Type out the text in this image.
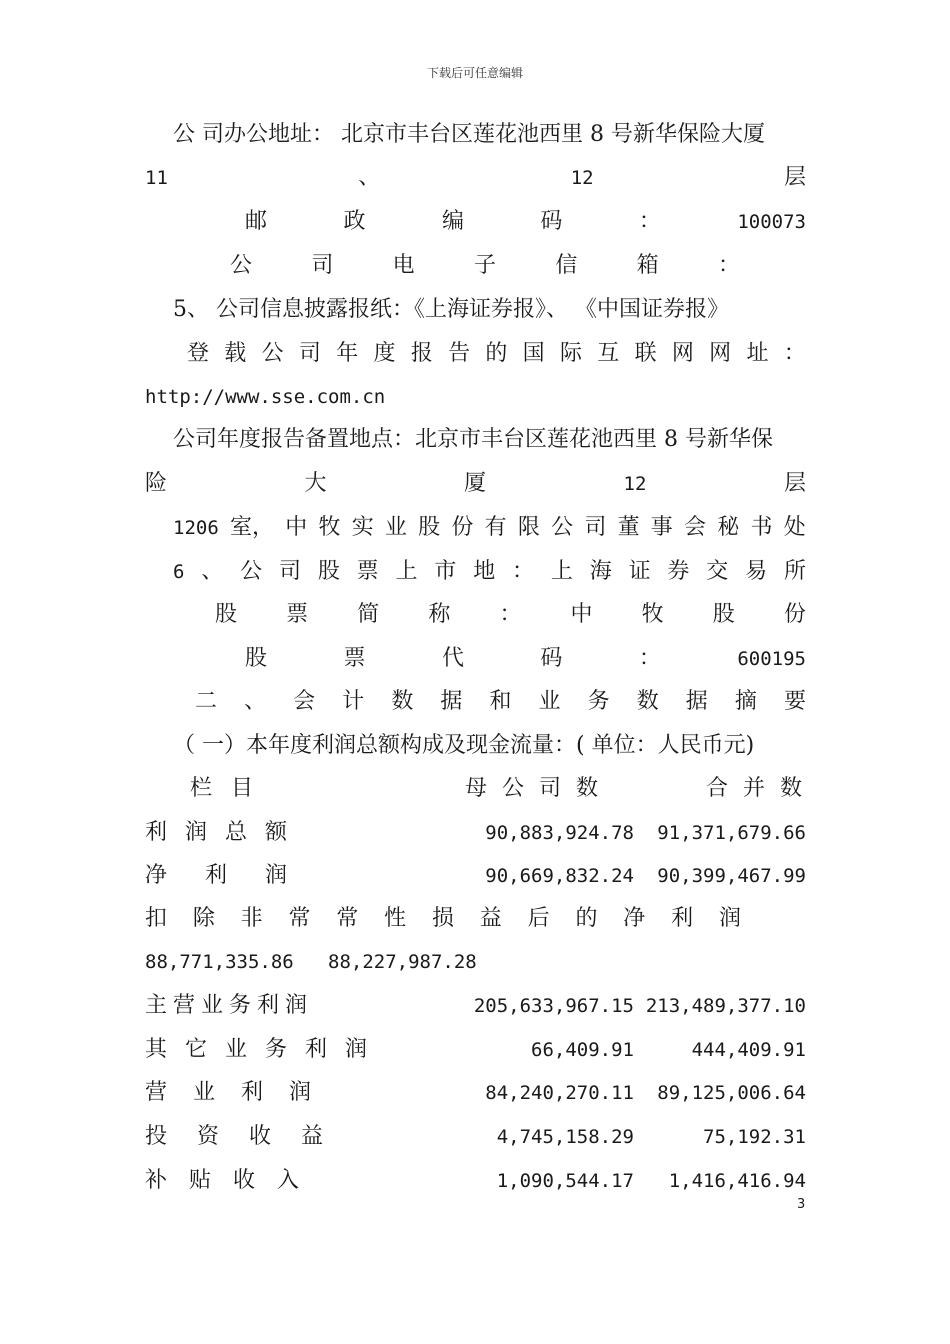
下载后可任意编辑
公 司办公地址： 北京市丰台区莲花池西里 8 号新华保险大厦
11	、	12	层
邮	政	编	码	：	100073
公	司	电	子	信	箱	：
5、 公司信息披露报纸：《上海证券报》、 《中国证券报》
登 载 公 司 年 度 报 告 的 国 际 互 联 网 网 址 ：
http://www.sse.com.cn
公司年度报告备置地点：北京市丰台区莲花池西里 8 号新华保
险	大	厦	12	层
1206 室， 中 牧 实 业 股 份 有 限 公 司 董 事 会 秘 书 处
6 、 公 司 股 票 上 市 地 ： 上 海 证 券 交 易 所
股 票 简 称 ： 中 牧 股 份
股	票	代	码	：	600195
二 、 会 计 数 据 和 业 务 数 据 摘 要
（ 一）本年度利润总额构成及现金流量：( 单位：人民币元)
栏 目	母 公 司 数	合 并 数
3
利润总额	90,883,924.78 91,371,679.66
净利润	90,669,832.24 90,399,467.99
主营业务利润	205,633,967.15 213,489,377.10
其它业务利润	66,409.91	444,409.91
营业利润	84,240,270.11 89,125,006.64
投资收益	4,745,158.29	75,192.31
补贴收入	1,090,544.17 1,416,416.94
扣 除 非 常 常 性 损 益 后 的 净 利 润
88,771,335.86   88,227,987.28
